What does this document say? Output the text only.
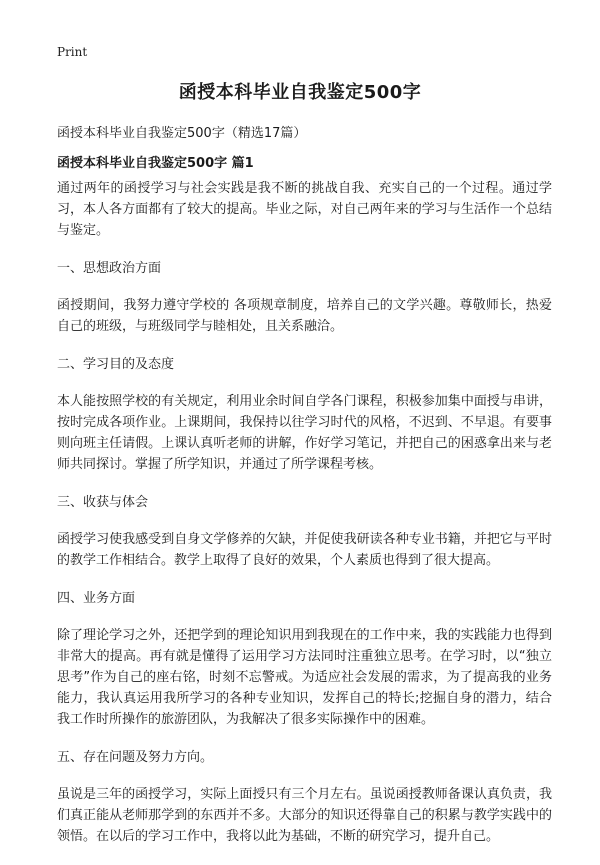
Print
函授本科毕业自我鉴定500字
函授本科毕业自我鉴定500字（精选17篇）
函授本科毕业自我鉴定500字 篇1

通过两年的函授学习与社会实践是我不断的挑战自我、充实自己的一个过程。通过学习，本人各方面都有了较大的提高。毕业之际，对自己两年来的学习与生活作一个总结与鉴定。

一、思想政治方面

函授期间，我努力遵守学校的 各项规章制度，培养自己的文学兴趣。尊敬师长，热爱自己的班级，与班级同学与睦相处，且关系融洽。

二、学习目的及态度

本人能按照学校的有关规定，利用业余时间自学各门课程，积极参加集中面授与串讲，按时完成各项作业。上课期间，我保持以往学习时代的风格，不迟到、不早退。有要事则向班主任请假。上课认真听老师的讲解，作好学习笔记，并把自己的困惑拿出来与老师共同探讨。掌握了所学知识，并通过了所学课程考核。

三、收获与体会

函授学习使我感受到自身文学修养的欠缺，并促使我研读各种专业书籍，并把它与平时的教学工作相结合。教学上取得了良好的效果，个人素质也得到了很大提高。

四、业务方面

除了理论学习之外，还把学到的理论知识用到我现在的工作中来，我的实践能力也得到非常大的提高。再有就是懂得了运用学习方法同时注重独立思考。在学习时，以“独立思考”作为自己的座右铭，时刻不忘警戒。为适应社会发展的需求，为了提高我的业务能力，我认真运用我所学习的各种专业知识，发挥自己的特长;挖掘自身的潜力，结合我工作时所操作的旅游团队，为我解决了很多实际操作中的困难。

五、存在问题及努力方向。

虽说是三年的函授学习，实际上面授只有三个月左右。虽说函授教师备课认真负责，我们真正能从老师那学到的东西并不多。大部分的知识还得靠自己的积累与教学实践中的领悟。在以后的学习工作中，我将以此为基础，不断的研究学习，提升自己。
